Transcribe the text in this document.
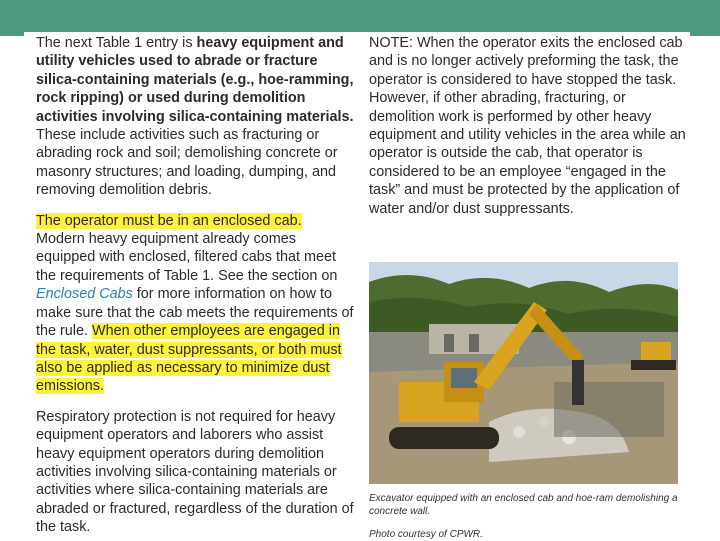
The next Table 1 entry is heavy equipment and utility vehicles used to abrade or fracture silica-containing materials (e.g., hoe-ramming, rock ripping) or used during demolition activities involving silica-containing materials. These include activities such as fracturing or abrading rock and soil; demolishing concrete or masonry structures; and loading, dumping, and removing demolition debris.

The operator must be in an enclosed cab. Modern heavy equipment already comes equipped with enclosed, filtered cabs that meet the requirements of Table 1. See the section on Enclosed Cabs for more information on how to make sure that the cab meets the requirements of the rule. When other employees are engaged in the task, water, dust suppressants, or both must also be applied as necessary to minimize dust emissions.

Respiratory protection is not required for heavy equipment operators and laborers who assist heavy equipment operators during demolition activities involving silica-containing materials or activities where silica-containing materials are abraded or fractured, regardless of the duration of the task.

NOTE: When the operator exits the enclosed cab and is no longer actively preforming the task, the operator is considered to have stopped the task. However, if other abrading, fracturing, or demolition work is performed by other heavy equipment and utility vehicles in the area while an operator is outside the cab, that operator is considered to be an employee “engaged in the task” and must be protected by the application of water and/or dust suppressants.

Excavator equipped with an enclosed cab and hoe-ram demolishing a concrete wall.
Photo courtesy of CPWR.
